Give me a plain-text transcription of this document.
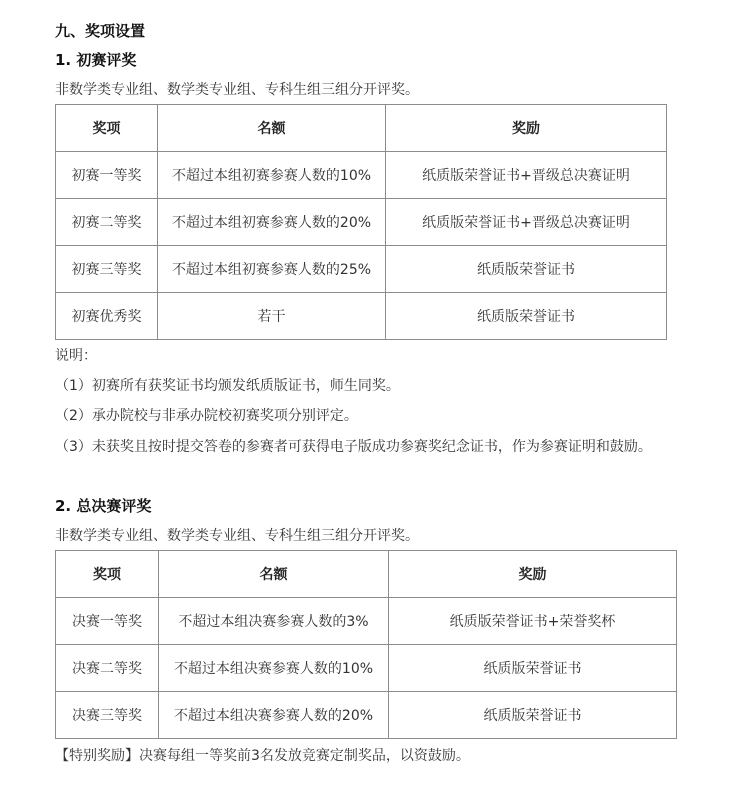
九、奖项设置
1. 初赛评奖
非数学类专业组、数学类专业组、专科生组三组分开评奖。
奖项	名额	奖励
初赛一等奖	不超过本组初赛参赛人数的10%	纸质版荣誉证书+晋级总决赛证明
初赛二等奖	不超过本组初赛参赛人数的20%	纸质版荣誉证书+晋级总决赛证明
初赛三等奖	不超过本组初赛参赛人数的25%	纸质版荣誉证书
初赛优秀奖	若干	纸质版荣誉证书
说明：
（1）初赛所有获奖证书均颁发纸质版证书，师生同奖。
（2）承办院校与非承办院校初赛奖项分别评定。
（3）未获奖且按时提交答卷的参赛者可获得电子版成功参赛奖纪念证书，作为参赛证明和鼓励。
2. 总决赛评奖
非数学类专业组、数学类专业组、专科生组三组分开评奖。
奖项	名额	奖励
决赛一等奖	不超过本组决赛参赛人数的3%	纸质版荣誉证书+荣誉奖杯
决赛二等奖	不超过本组决赛参赛人数的10%	纸质版荣誉证书
决赛三等奖	不超过本组决赛参赛人数的20%	纸质版荣誉证书
【特别奖励】决赛每组一等奖前3名发放竞赛定制奖品，以资鼓励。
